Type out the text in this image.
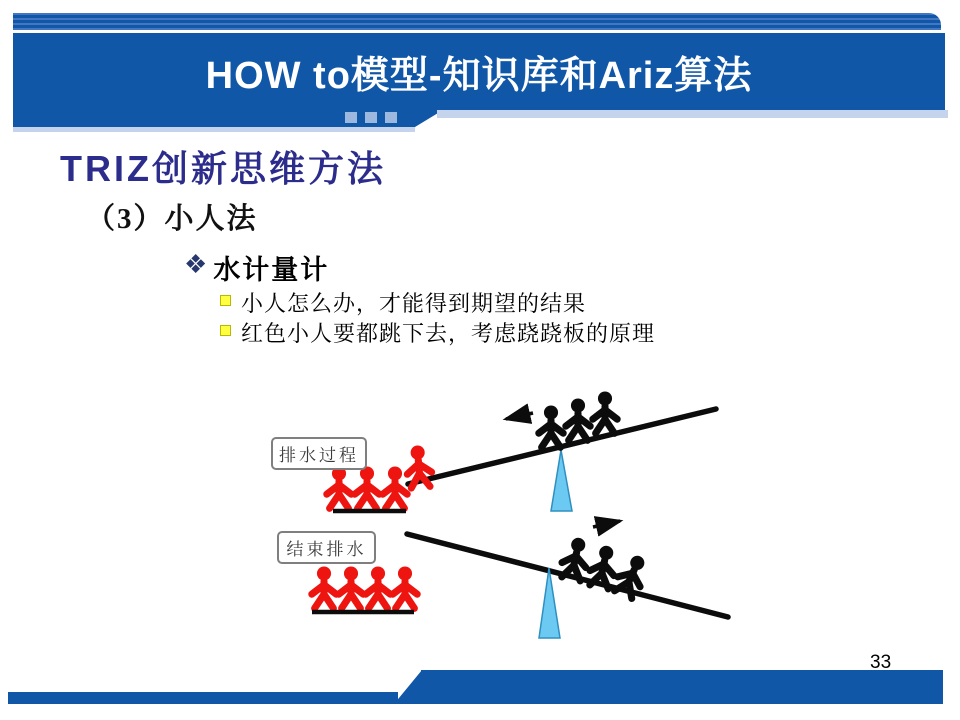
HOW to模型-知识库和Ariz算法
TRIZ创新思维方法
（3）小人法
❖ 水计量计
小人怎么办，才能得到期望的结果
红色小人要都跳下去，考虑跷跷板的原理
排水过程
结束排水
33
